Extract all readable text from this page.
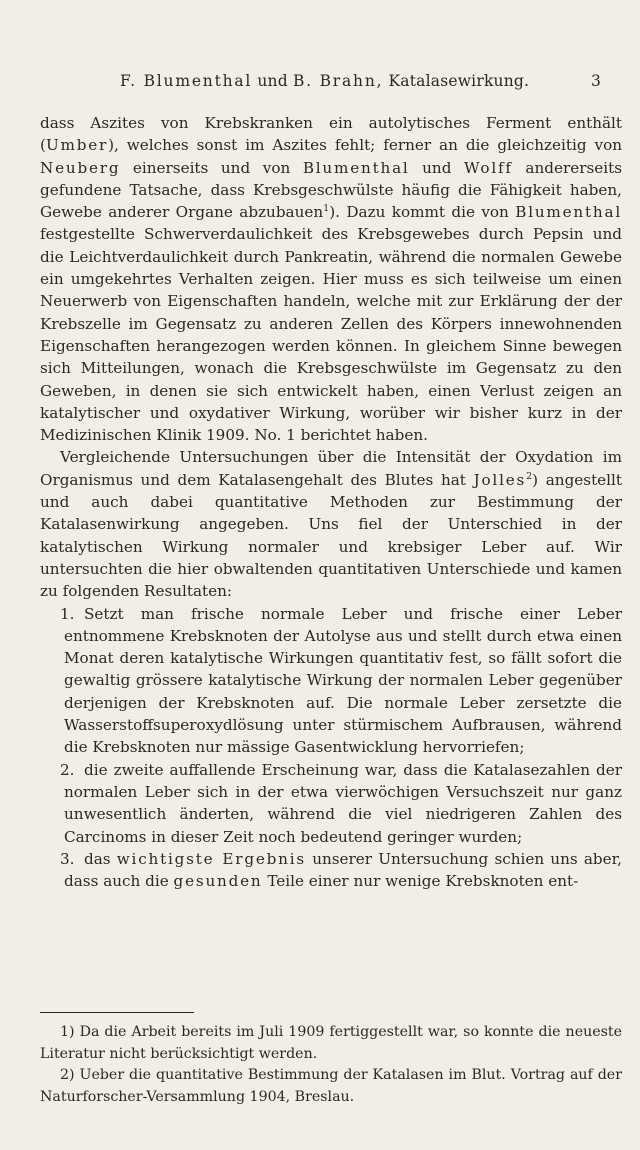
F. Blumenthal und B. Brahn, Katalasewirkung.	3

dass Aszites von Krebskranken ein autolytisches Ferment enthält (Umber), welches sonst im Aszites fehlt; ferner an die gleichzeitig von Neuberg einerseits und von Blumenthal und Wolff andererseits gefundene Tatsache, dass Krebsgeschwülste häufig die Fähigkeit haben, Gewebe anderer Organe abzubauen$^1$). Dazu kommt die von Blumenthal festgestellte Schwerverdaulichkeit des Krebsgewebes durch Pepsin und die Leichtverdaulichkeit durch Pankreatin, während die normalen Gewebe ein umgekehrtes Verhalten zeigen. Hier muss es sich teilweise um einen Neuerwerb von Eigenschaften handeln, welche mit zur Erklärung der der Krebszelle im Gegensatz zu anderen Zellen des Körpers innewohnenden Eigenschaften herangezogen werden können. In gleichem Sinne bewegen sich Mitteilungen, wonach die Krebsgeschwülste im Gegensatz zu den Geweben, in denen sie sich entwickelt haben, einen Verlust zeigen an katalytischer und oxydativer Wirkung, worüber wir bisher kurz in der Medizinischen Klinik 1909. No. 1 berichtet haben.

Vergleichende Untersuchungen über die Intensität der Oxydation im Organismus und dem Katalasengehalt des Blutes hat Jolles$^2$) angestellt und auch dabei quantitative Methoden zur Bestimmung der Katalasenwirkung angegeben. Uns fiel der Unterschied in der katalytischen Wirkung normaler und krebsiger Leber auf. Wir untersuchten die hier obwaltenden quantitativen Unterschiede und kamen zu folgenden Resultaten:

1. Setzt man frische normale Leber und frische einer Leber entnommene Krebsknoten der Autolyse aus und stellt durch etwa einen Monat deren katalytische Wirkungen quantitativ fest, so fällt sofort die gewaltig grössere katalytische Wirkung der normalen Leber gegenüber derjenigen der Krebsknoten auf. Die normale Leber zersetzte die Wasserstoffsuperoxydlösung unter stürmischem Aufbrausen, während die Krebsknoten nur mässige Gasentwicklung hervorriefen;

2. die zweite auffallende Erscheinung war, dass die Katalasezahlen der normalen Leber sich in der etwa vierwöchigen Versuchszeit nur ganz unwesentlich änderten, während die viel niedrigeren Zahlen des Carcinoms in dieser Zeit noch bedeutend geringer wurden;

3. das wichtigste Ergebnis unserer Untersuchung schien uns aber, dass auch die gesunden Teile einer nur wenige Krebsknoten ent-

1) Da die Arbeit bereits im Juli 1909 fertiggestellt war, so konnte die neueste Literatur nicht berücksichtigt werden.

2) Ueber die quantitative Bestimmung der Katalasen im Blut. Vortrag auf der Naturforscher-Versammlung 1904, Breslau.
